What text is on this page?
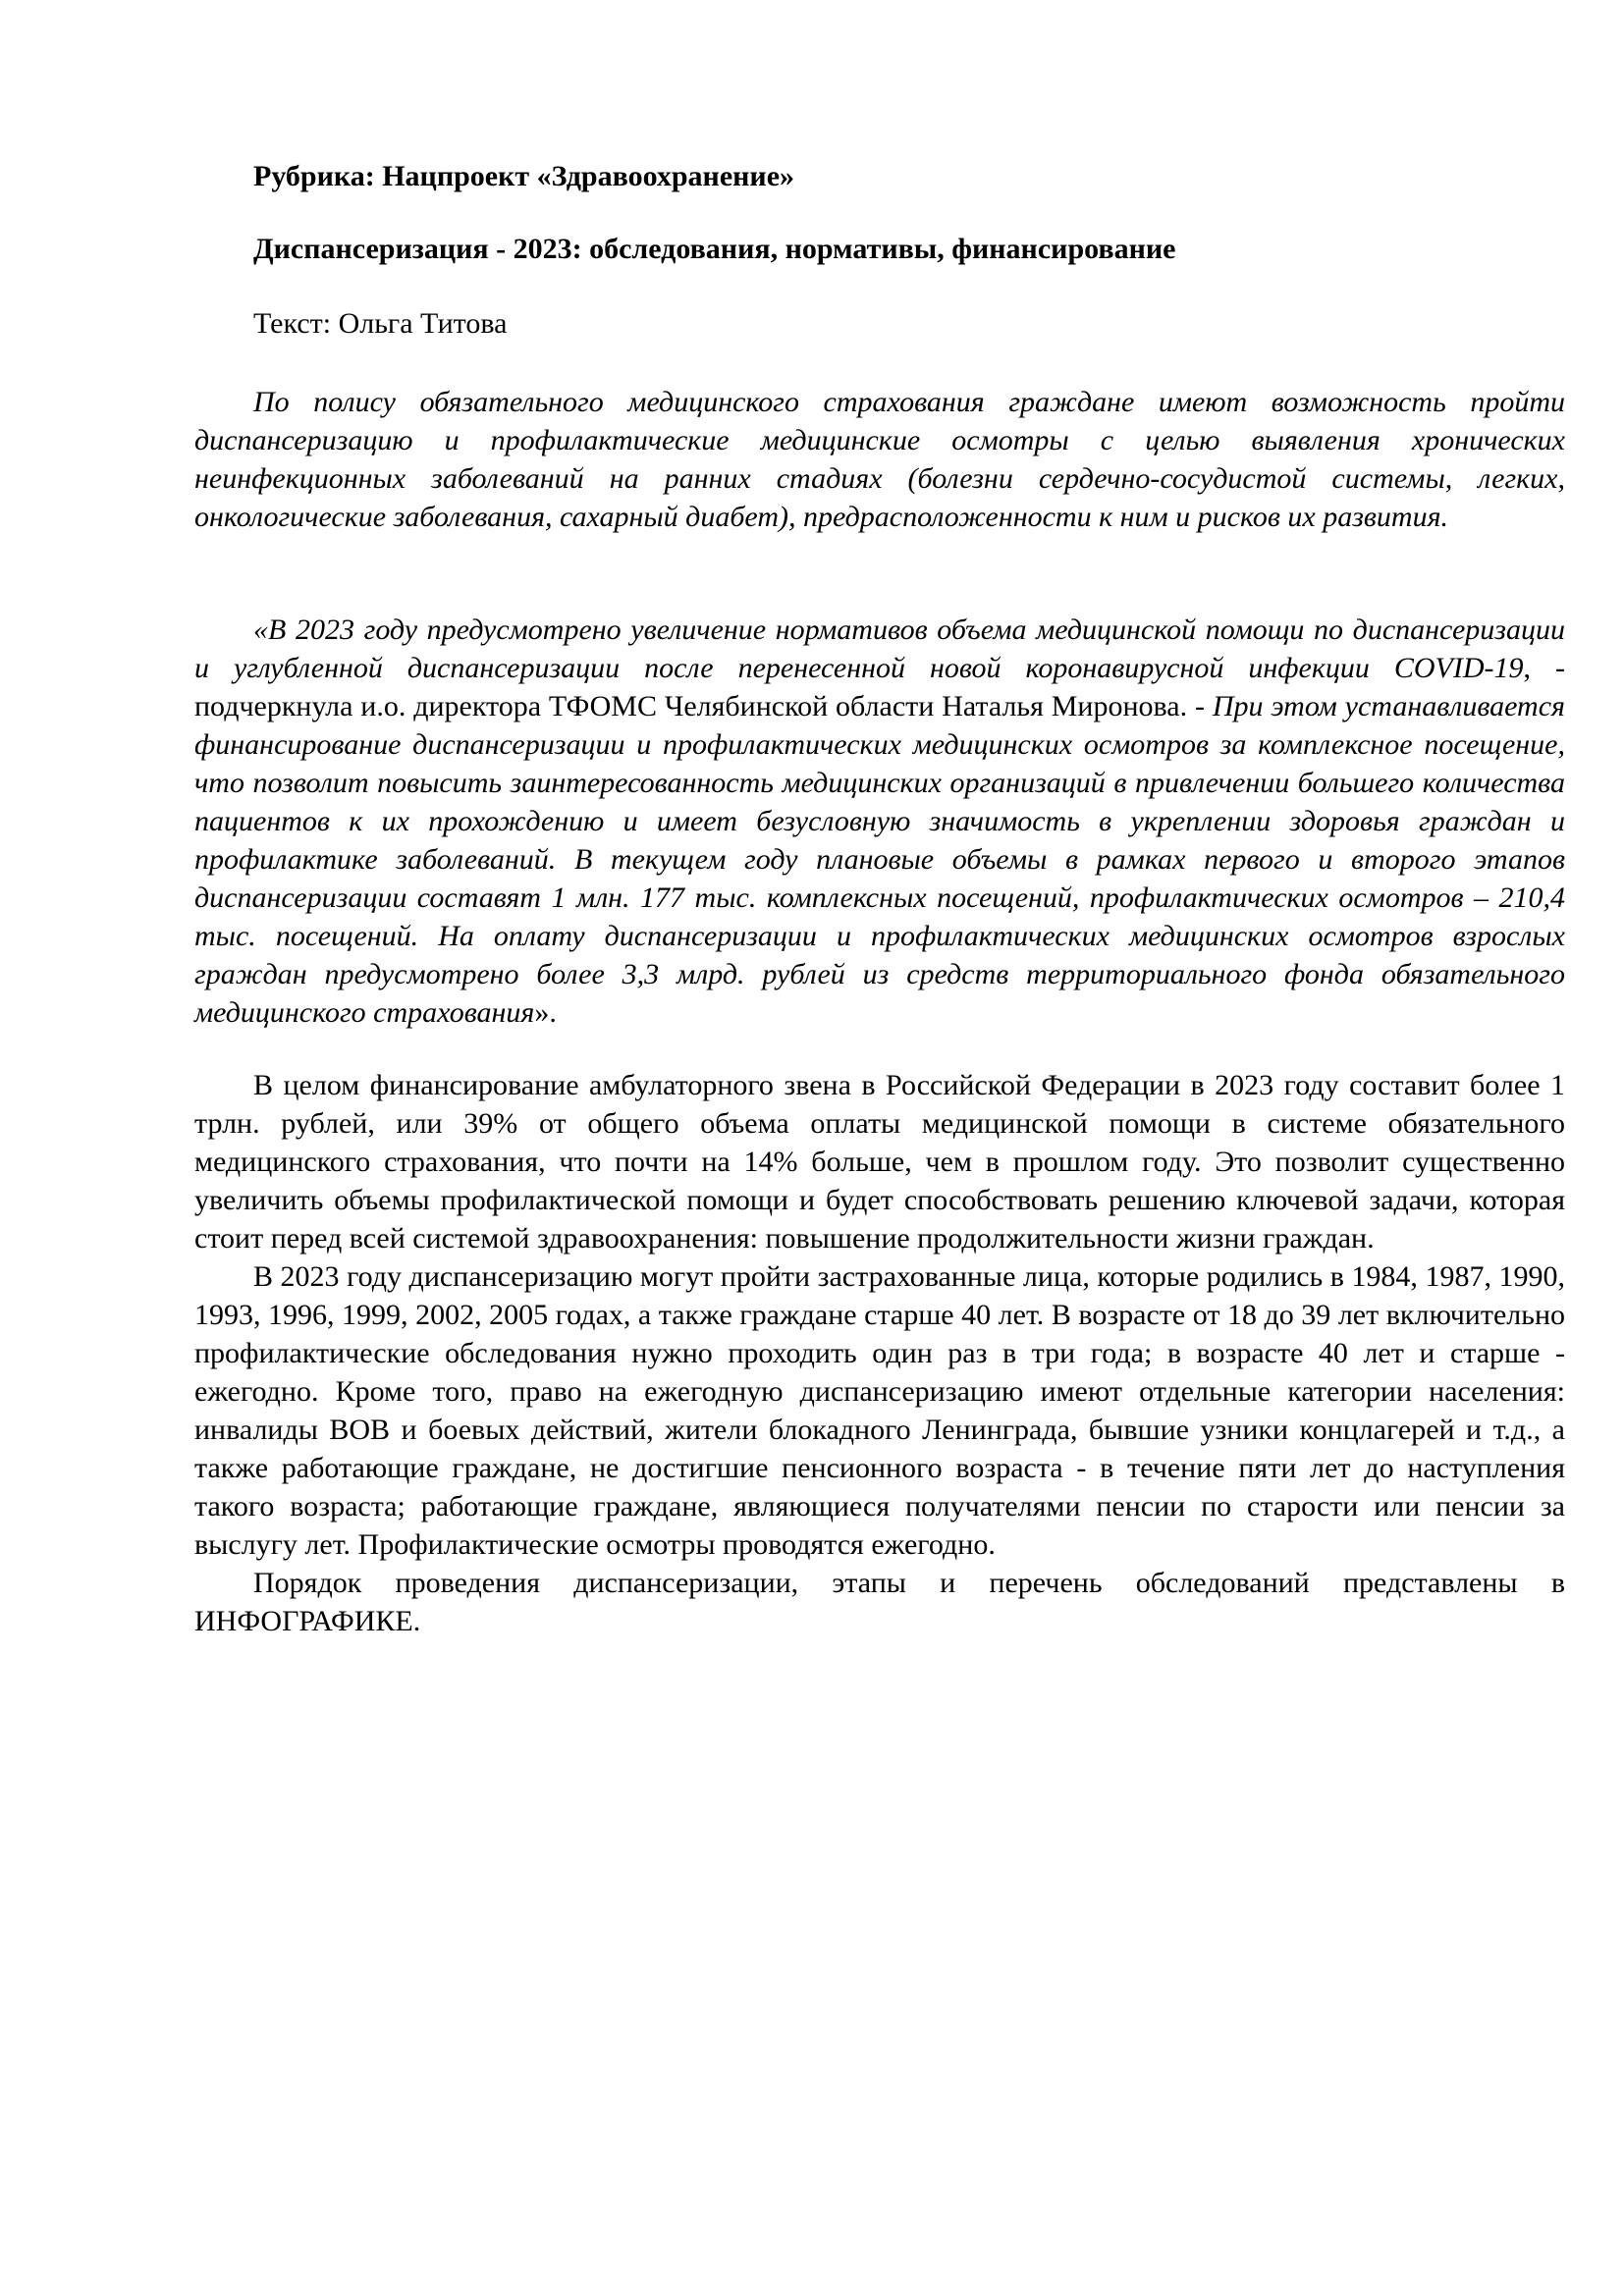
Рубрика: Нацпроект «Здравоохранение»
Диспансеризация - 2023: обследования, нормативы, финансирование
Текст: Ольга Титова
По полису обязательного медицинского страхования граждане имеют возможность пройти диспансеризацию и профилактические медицинские осмотры с целью выявления хронических неинфекционных заболеваний на ранних стадиях (болезни сердечно-сосудистой системы, легких, онкологические заболевания, сахарный диабет), предрасположенности к ним и рисков их развития.
«В 2023 году предусмотрено увеличение нормативов объема медицинской помощи по диспансеризации и углубленной диспансеризации после перенесенной новой коронавирусной инфекции COVID-19, - подчеркнула и.о. директора ТФОМС Челябинской области Наталья Миронова. - При этом устанавливается финансирование диспансеризации и профилактических медицинских осмотров за комплексное посещение, что позволит повысить заинтересованность медицинских организаций в привлечении большего количества пациентов к их прохождению и имеет безусловную значимость в укреплении здоровья граждан и профилактике заболеваний. В текущем году плановые объемы в рамках первого и второго этапов диспансеризации составят 1 млн. 177 тыс. комплексных посещений, профилактических осмотров – 210,4 тыс. посещений. На оплату диспансеризации и профилактических медицинских осмотров взрослых граждан предусмотрено более 3,3 млрд. рублей из средств территориального фонда обязательного медицинского страхования».

В целом финансирование амбулаторного звена в Российской Федерации в 2023 году составит более 1 трлн. рублей, или 39% от общего объема оплаты медицинской помощи в системе обязательного медицинского страхования, что почти на 14% больше, чем в прошлом году. Это позволит существенно увеличить объемы профилактической помощи и будет способствовать решению ключевой задачи, которая стоит перед всей системой здравоохранения: повышение продолжительности жизни граждан.

В 2023 году диспансеризацию могут пройти застрахованные лица, которые родились в 1984, 1987, 1990, 1993, 1996, 1999, 2002, 2005 годах, а также граждане старше 40 лет. В возрасте от 18 до 39 лет включительно профилактические обследования нужно проходить один раз в три года; в возрасте 40 лет и старше - ежегодно. Кроме того, право на ежегодную диспансеризацию имеют отдельные категории населения: инвалиды ВОВ и боевых действий, жители блокадного Ленинграда, бывшие узники концлагерей и т.д., а также работающие граждане, не достигшие пенсионного возраста - в течение пяти лет до наступления такого возраста; работающие граждане, являющиеся получателями пенсии по старости или пенсии за выслугу лет. Профилактические осмотры проводятся ежегодно.

Порядок проведения диспансеризации, этапы и перечень обследований представлены в ИНФОГРАФИКЕ.
